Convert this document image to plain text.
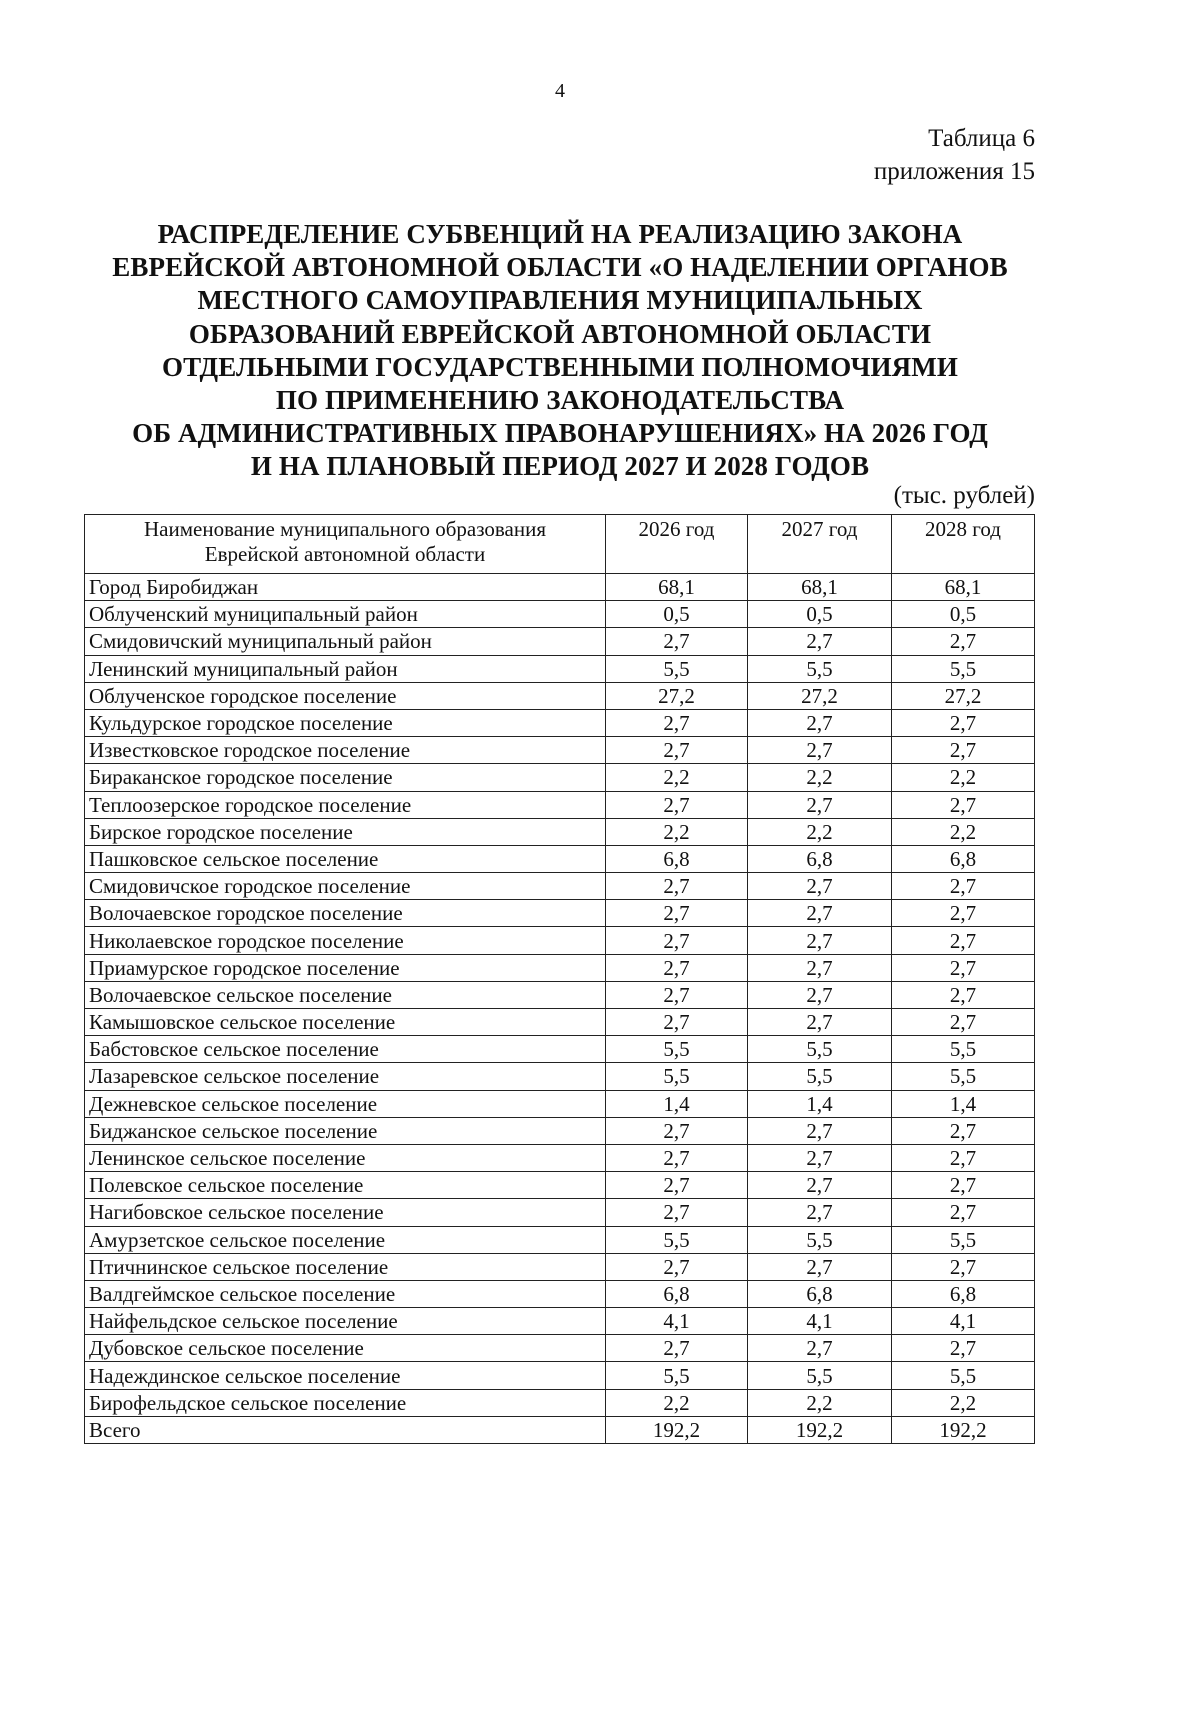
4
Таблица 6
приложения 15
РАСПРЕДЕЛЕНИЕ СУБВЕНЦИЙ НА РЕАЛИЗАЦИЮ ЗАКОНА
ЕВРЕЙСКОЙ АВТОНОМНОЙ ОБЛАСТИ «О НАДЕЛЕНИИ ОРГАНОВ
МЕСТНОГО САМОУПРАВЛЕНИЯ МУНИЦИПАЛЬНЫХ
ОБРАЗОВАНИЙ ЕВРЕЙСКОЙ АВТОНОМНОЙ ОБЛАСТИ
ОТДЕЛЬНЫМИ ГОСУДАРСТВЕННЫМИ ПОЛНОМОЧИЯМИ
ПО ПРИМЕНЕНИЮ ЗАКОНОДАТЕЛЬСТВА
ОБ АДМИНИСТРАТИВНЫХ ПРАВОНАРУШЕНИЯХ» НА 2026 ГОД
И НА ПЛАНОВЫЙ ПЕРИОД 2027 И 2028 ГОДОВ
(тыс. рублей)
Наименование муниципального образования
Еврейской автономной области	2026 год	2027 год	2028 год
Город Биробиджан	68,1	68,1	68,1
Облученский муниципальный район	0,5	0,5	0,5
Смидовичский муниципальный район	2,7	2,7	2,7
Ленинский муниципальный район	5,5	5,5	5,5
Облученское городское поселение	27,2	27,2	27,2
Кульдурское городское поселение	2,7	2,7	2,7
Известковское городское поселение	2,7	2,7	2,7
Бираканское городское поселение	2,2	2,2	2,2
Теплоозерское городское поселение	2,7	2,7	2,7
Бирское городское поселение	2,2	2,2	2,2
Пашковское сельское поселение	6,8	6,8	6,8
Смидовичское городское поселение	2,7	2,7	2,7
Волочаевское городское поселение	2,7	2,7	2,7
Николаевское городское поселение	2,7	2,7	2,7
Приамурское городское поселение	2,7	2,7	2,7
Волочаевское сельское поселение	2,7	2,7	2,7
Камышовское сельское поселение	2,7	2,7	2,7
Бабстовское сельское поселение	5,5	5,5	5,5
Лазаревское сельское поселение	5,5	5,5	5,5
Дежневское сельское поселение	1,4	1,4	1,4
Биджанское сельское поселение	2,7	2,7	2,7
Ленинское сельское поселение	2,7	2,7	2,7
Полевское сельское поселение	2,7	2,7	2,7
Нагибовское сельское поселение	2,7	2,7	2,7
Амурзетское сельское поселение	5,5	5,5	5,5
Птичнинское сельское поселение	2,7	2,7	2,7
Валдгеймское сельское поселение	6,8	6,8	6,8
Найфельдское сельское поселение	4,1	4,1	4,1
Дубовское сельское поселение	2,7	2,7	2,7
Надеждинское сельское поселение	5,5	5,5	5,5
Бирофельдское сельское поселение	2,2	2,2	2,2
Всего	192,2	192,2	192,2
